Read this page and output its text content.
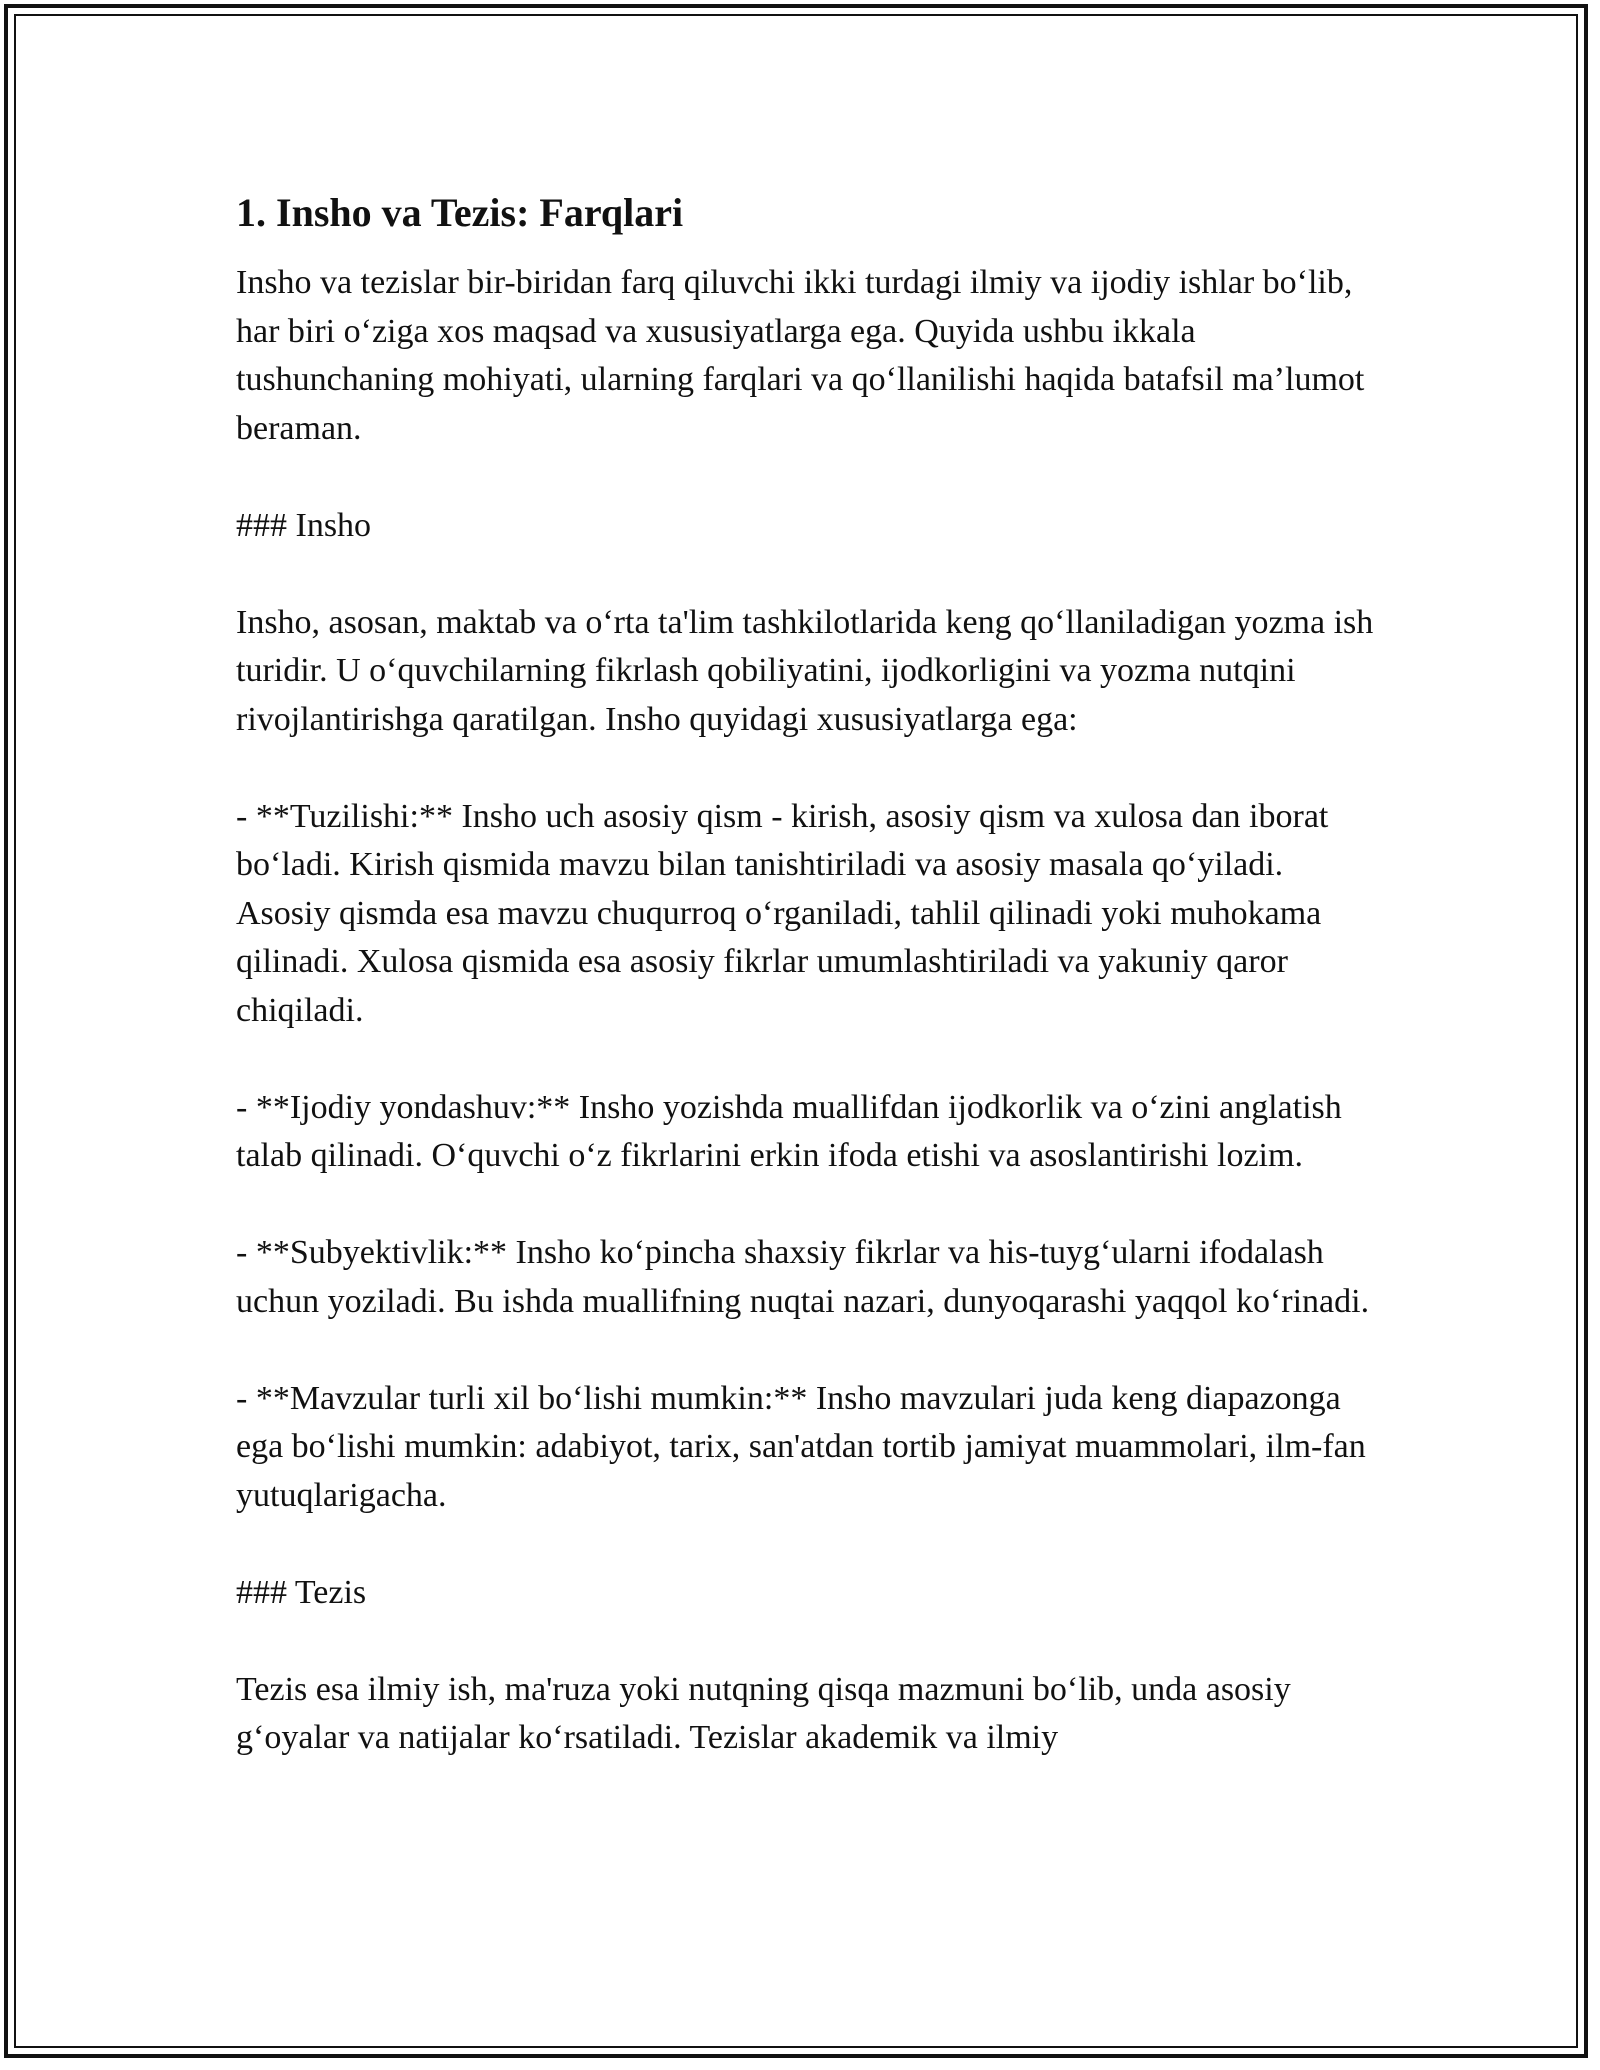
1. Insho va Tezis: Farqlari

Insho va tezislar bir-biridan farq qiluvchi ikki turdagi ilmiy va ijodiy ishlar bo‘lib, har biri o‘ziga xos maqsad va xususiyatlarga ega. Quyida ushbu ikkala tushunchaning mohiyati, ularning farqlari va qo‘llanilishi haqida batafsil ma’lumot beraman.

### Insho

Insho, asosan, maktab va o‘rta ta'lim tashkilotlarida keng qo‘llaniladigan yozma ish turidir. U o‘quvchilarning fikrlash qobiliyatini, ijodkorligini va yozma nutqini rivojlantirishga qaratilgan. Insho quyidagi xususiyatlarga ega:

- **Tuzilishi:** Insho uch asosiy qism - kirish, asosiy qism va xulosa dan iborat bo‘ladi. Kirish qismida mavzu bilan tanishtiriladi va asosiy masala qo‘yiladi. Asosiy qismda esa mavzu chuqurroq o‘rganiladi, tahlil qilinadi yoki muhokama qilinadi. Xulosa qismida esa asosiy fikrlar umumlashtiriladi va yakuniy qaror chiqiladi.

- **Ijodiy yondashuv:** Insho yozishda muallifdan ijodkorlik va o‘zini anglatish talab qilinadi. O‘quvchi o‘z fikrlarini erkin ifoda etishi va asoslantirishi lozim.

- **Subyektivlik:** Insho ko‘pincha shaxsiy fikrlar va his-tuyg‘ularni ifodalash uchun yoziladi. Bu ishda muallifning nuqtai nazari, dunyoqarashi yaqqol ko‘rinadi.

- **Mavzular turli xil bo‘lishi mumkin:** Insho mavzulari juda keng diapazonga ega bo‘lishi mumkin: adabiyot, tarix, san'atdan tortib jamiyat muammolari, ilm-fan yutuqlarigacha.

### Tezis

Tezis esa ilmiy ish, ma'ruza yoki nutqning qisqa mazmuni bo‘lib, unda asosiy g‘oyalar va natijalar ko‘rsatiladi. Tezislar akademik va ilmiy
